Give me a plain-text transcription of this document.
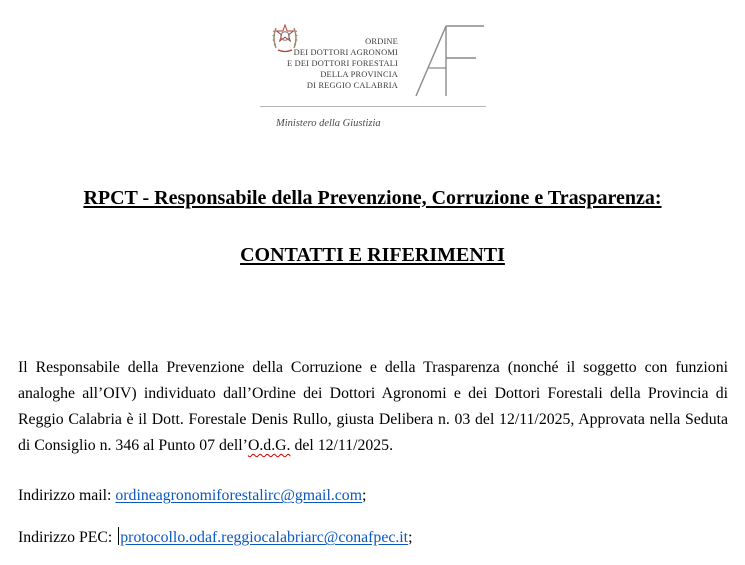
ORDINE
DEI DOTTORI AGRONOMI
E DEI DOTTORI FORESTALI
DELLA PROVINCIA
DI REGGIO CALABRIA
Ministero della Giustizia
RPCT - Responsabile della Prevenzione, Corruzione e Trasparenza:
CONTATTI E RIFERIMENTI
Il Responsabile della Prevenzione della Corruzione e della Trasparenza (nonché il soggetto con funzioni analoghe all’OIV) individuato dall’Ordine dei Dottori Agronomi e dei Dottori Forestali della Provincia di Reggio Calabria è il Dott. Forestale Denis Rullo, giusta Delibera n. 03 del 12/11/2025, Approvata nella Seduta di Consiglio n. 346 al Punto 07 dell’O.d.G. del 12/11/2025.
Indirizzo mail: ordineagronomiforestalirc@gmail.com;
Indirizzo PEC: protocollo.odaf.reggiocalabriarc@conafpec.it;
